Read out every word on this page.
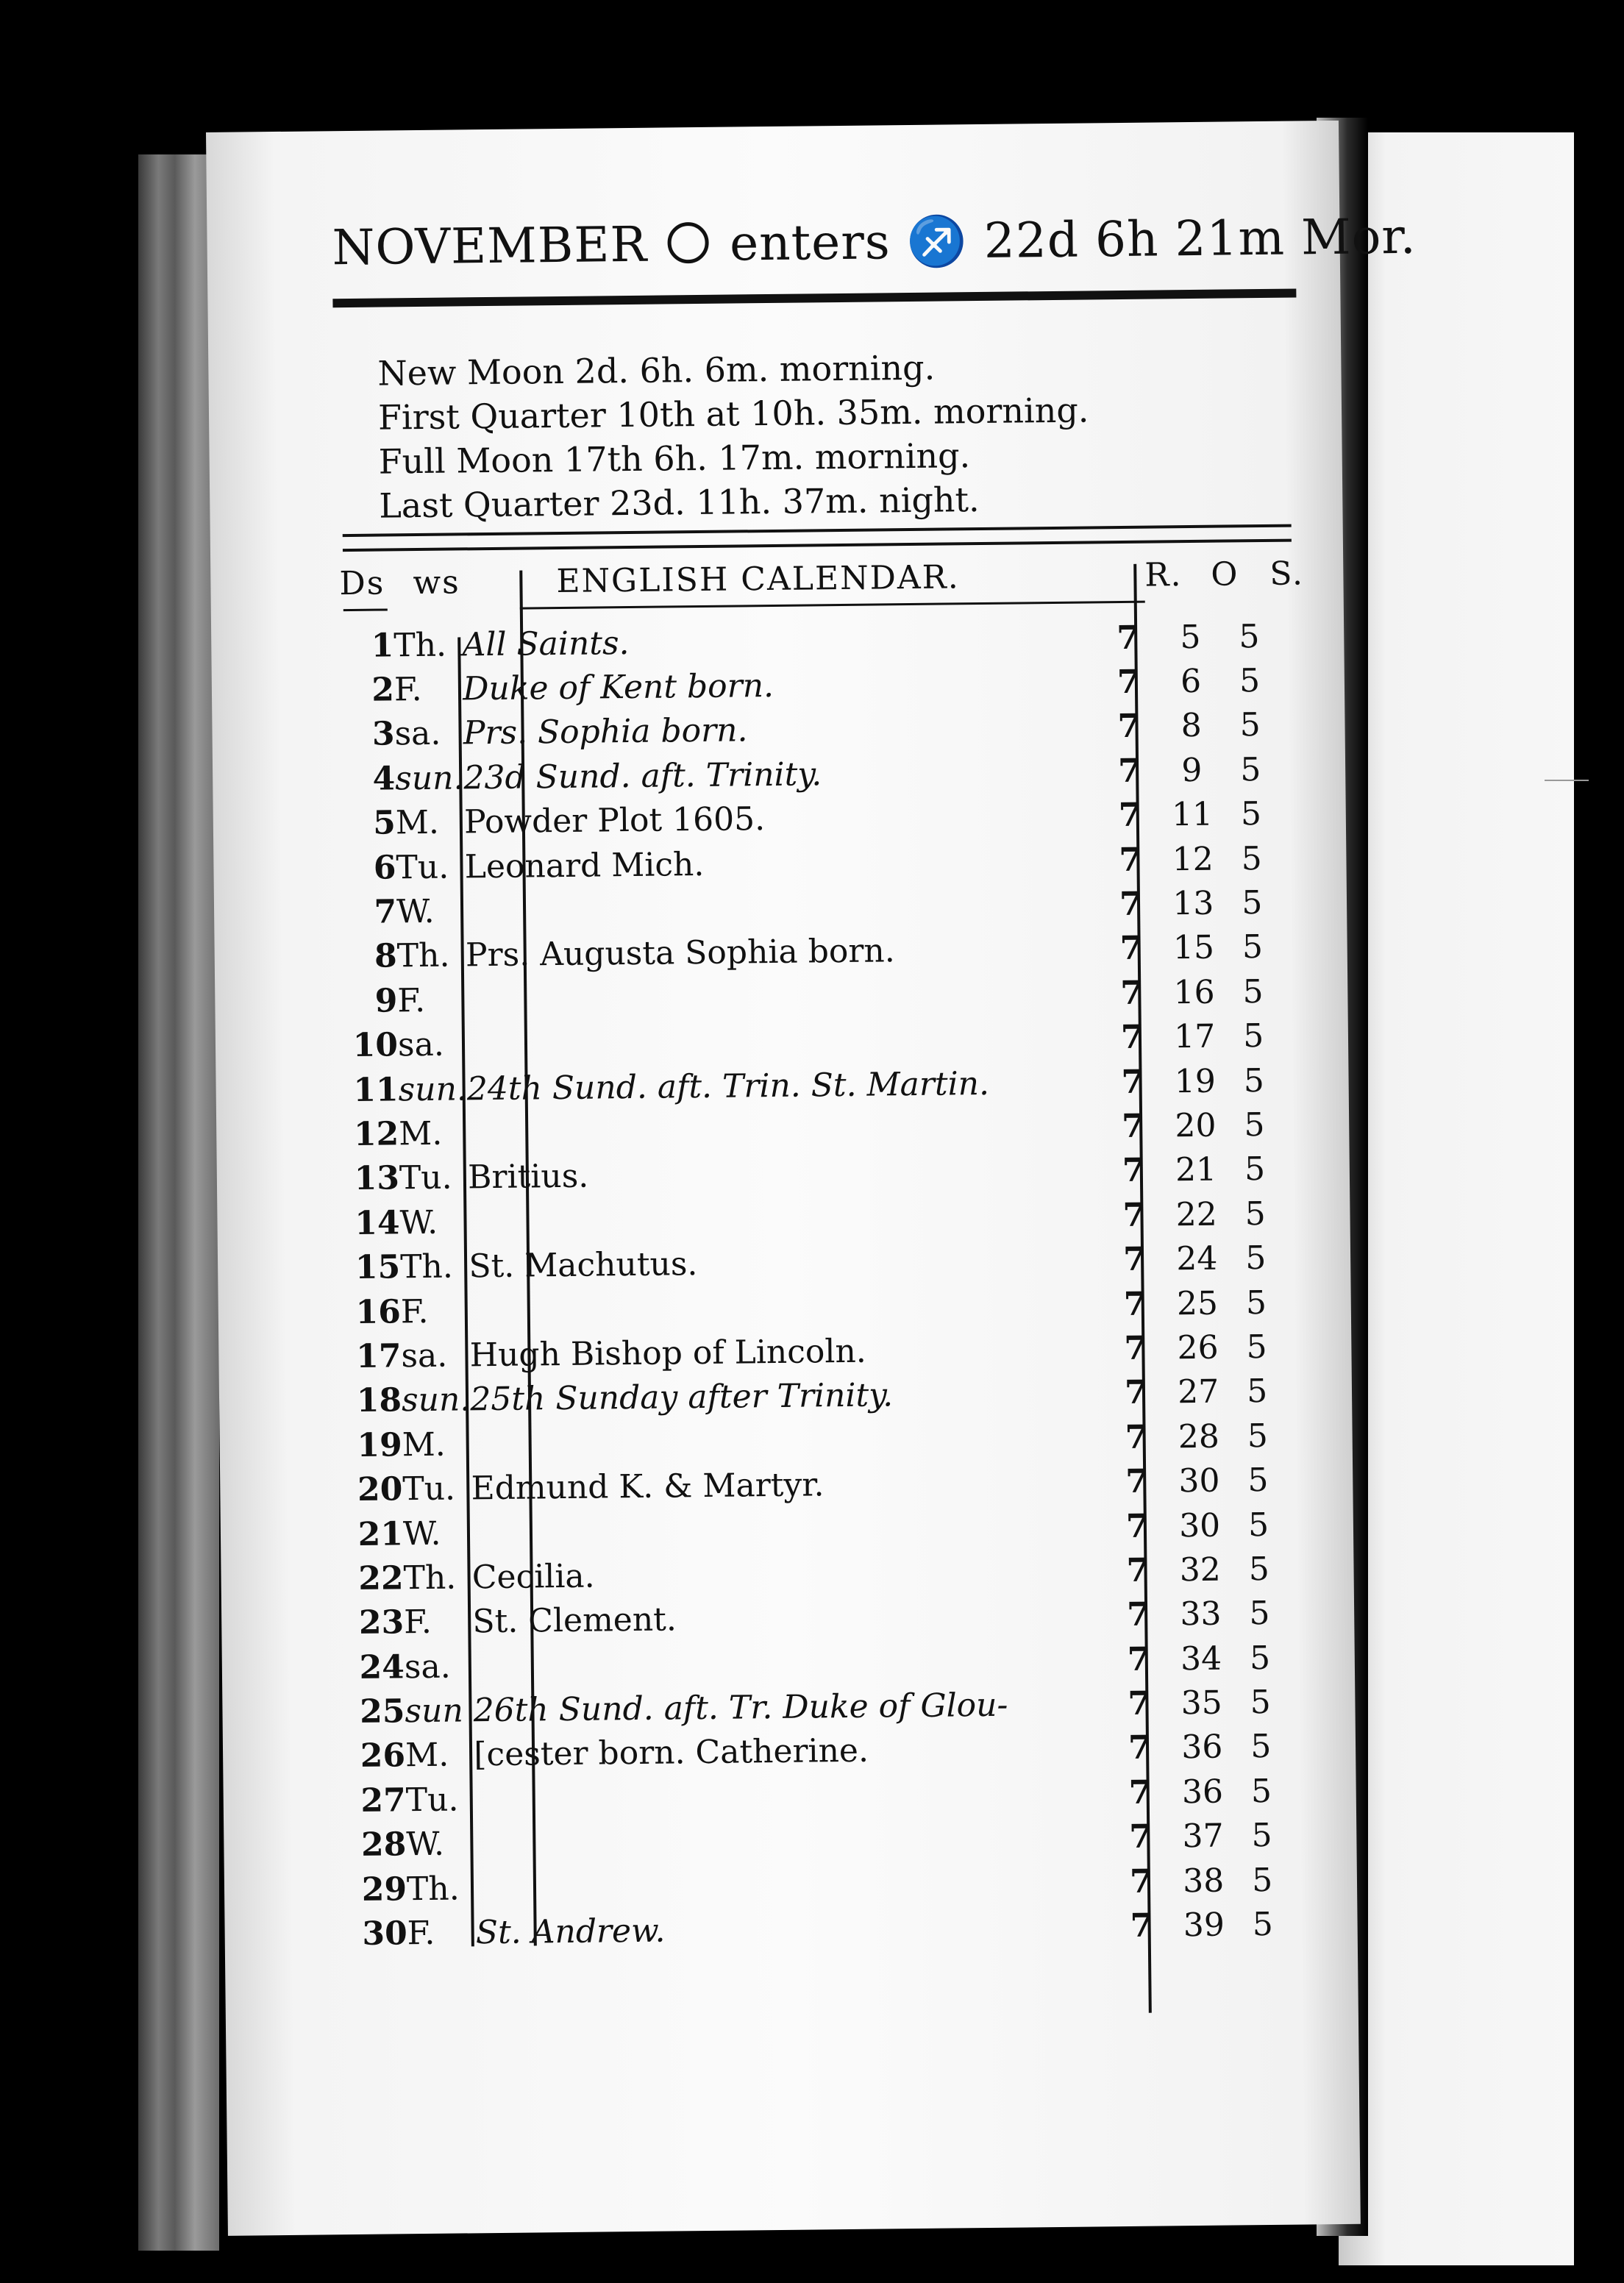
NOVEMBER enters ♐ 22d 6h 21m Mor.
New Moon 2d. 6h. 6m. morning.
First Quarter 10th at 10h. 35m. morning.
Full Moon 17th 6h. 17m. morning.
Last Quarter 23d. 11h. 37m. night.
Ds ws	ENGLISH CALENDAR.	R. O S.
1	Th.	All Saints.	7	5	5
2	F.	Duke of Kent born.	7	6	5
3	sa.	Prs. Sophia born.	7	8	5
4	sun.	23d Sund. aft. Trinity.	7	9	5
5	M.	Powder Plot 1605.	7	11	5
6	Tu.	Leonard Mich.	7	12	5
7	W.		7	13	5
8	Th.	Prs. Augusta Sophia born.	7	15	5
9	F.		7	16	5
10	sa.		7	17	5
11	sun.	24th Sund. aft. Trin. St. Martin.	7	19	5
12	M.		7	20	5
13	Tu.	Britius.	7	21	5
14	W.		7	22	5
15	Th.	St. Machutus.	7	24	5
16	F.		7	25	5
17	sa.	Hugh Bishop of Lincoln.	7	26	5
18	sun.	25th Sunday after Trinity.	7	27	5
19	M.		7	28	5
20	Tu.	Edmund K. & Martyr.	7	30	5
21	W.		7	30	5
22	Th.	Cecilia.	7	32	5
23	F.	St. Clement.	7	33	5
24	sa.		7	34	5
25	sun	26th Sund. aft. Tr. Duke of Glou-	7	35	5
26	M.	[cester born. Catherine.	7	36	5
27	Tu.		7	36	5
28	W.		7	37	5
29	Th.		7	38	5
30	F.	St. Andrew.	7	39	5
